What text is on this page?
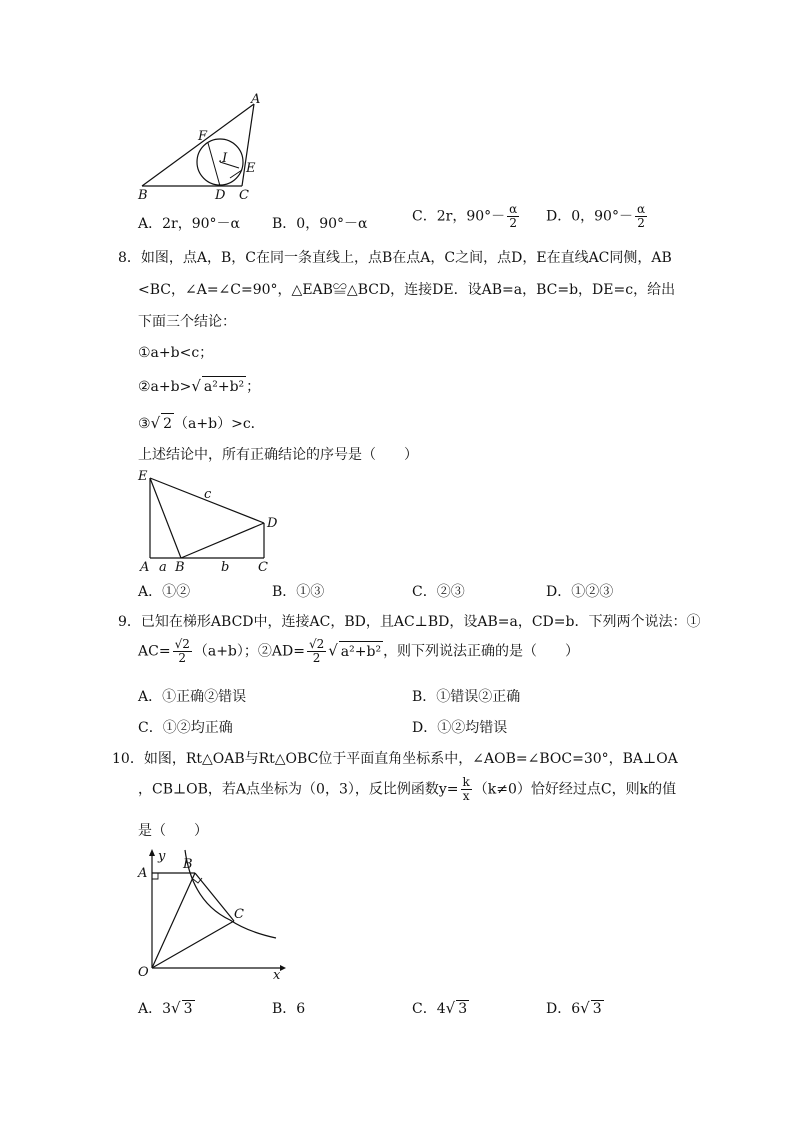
A
F
.I
E
B	D C
A．2r，90°－α B．0，90°－α	C．2r，$90^\circ- \frac{\alpha}{2}$ D．0，$90^\circ- \frac{\alpha}{2}$
8．如图，点A，B，C在同一条直线上，点B在点A，C之间，点D，E在直线AC同侧，AB
<BC，∠A=∠C=90°，△EAB≌△BCD，连接DE．设AB=a，BC=b，DE=c，给出
下面三个结论：
①a+b<c；
②a+b>√ a²+b² ；
③√ 2 （a+b）>c．
上述结论中，所有正确结论的序号是（　　）
E
c
D
A a B	b C
A．①②	B．①③	C．②③	D．①②③
9．已知在梯形ABCD中，连接AC，BD，且AC⊥BD，设AB=a，CD=b．下列两个说法：①
$AC= \frac{√2}{2} (a+b)$；②AD= $\frac{√2}{2}$ √ a²+b² ，则下列说法正确的是（　　）
A．①正确②错误	B．①错误②正确
C．①②均正确	D．①②均错误
10．如图，Rt△OAB与Rt△OBC位于平面直角坐标系中，∠AOB=∠BOC=30°，BA⊥OA
，CB⊥OB，若A点坐标为（0，3），反比例函数$y= \frac{k}{x} (k\ne 0)$恰好经过点C，则k的值
是（　　）
y
A
B
C
O	x
A．3√ 3	B．6	C．4√ 3	D．6√ 3
